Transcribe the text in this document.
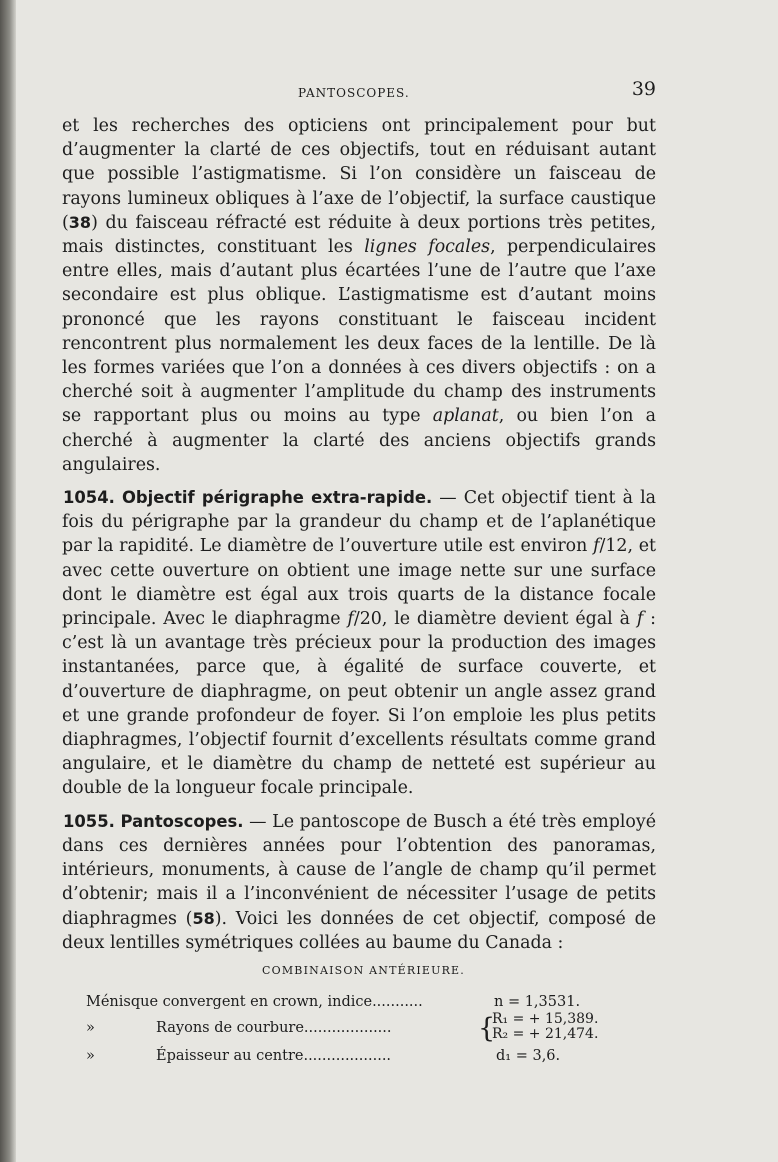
PANTOSCOPES.	39

et les recherches des opticiens ont principalement pour but d’augmenter la clarté de ces objectifs, tout en réduisant autant que possible l’astigmatisme. Si l’on considère un faisceau de rayons lumineux obliques à l’axe de l’objectif, la surface caustique (38) du faisceau réfracté est réduite à deux portions très petites, mais distinctes, constituant les lignes focales, perpendiculaires entre elles, mais d’autant plus écartées l’une de l’autre que l’axe secondaire est plus oblique. L’astigmatisme est d’autant moins prononcé que les rayons constituant le faisceau incident rencontrent plus normalement les deux faces de la lentille. De là les formes variées que l’on a données à ces divers objectifs : on a cherché soit à augmenter l’amplitude du champ des instruments se rapportant plus ou moins au type aplanat, ou bien l’on a cherché à augmenter la clarté des anciens objectifs grands angulaires.

1054. Objectif périgraphe extra-rapide. — Cet objectif tient à la fois du périgraphe par la grandeur du champ et de l’aplanétique par la rapidité. Le diamètre de l’ouverture utile est environ f/12, et avec cette ouverture on obtient une image nette sur une surface dont le diamètre est égal aux trois quarts de la distance focale principale. Avec le diaphragme f/20, le diamètre devient égal à f : c’est là un avantage très précieux pour la production des images instantanées, parce que, à égalité de surface couverte, et d’ouverture de diaphragme, on peut obtenir un angle assez grand et une grande profondeur de foyer. Si l’on emploie les plus petits diaphragmes, l’objectif fournit d’excellents résultats comme grand angulaire, et le diamètre du champ de netteté est supérieur au double de la longueur focale principale.

1055. Pantoscopes. — Le pantoscope de Busch a été très employé dans ces dernières années pour l’obtention des panoramas, intérieurs, monuments, à cause de l’angle de champ qu’il permet d’obtenir; mais il a l’inconvénient de nécessiter l’usage de petits diaphragmes (58). Voici les données de cet objectif, composé de deux lentilles symétriques collées au baume du Canada :

COMBINAISON ANTÉRIEURE.
Ménisque convergent en crown, indice...........	n = 1,3531.
»	Rayons de courbure...................	{
R₁ = + 15,389.
R₂ = + 21,474.
»	Épaisseur au centre...................	d₁ = 3,6.
